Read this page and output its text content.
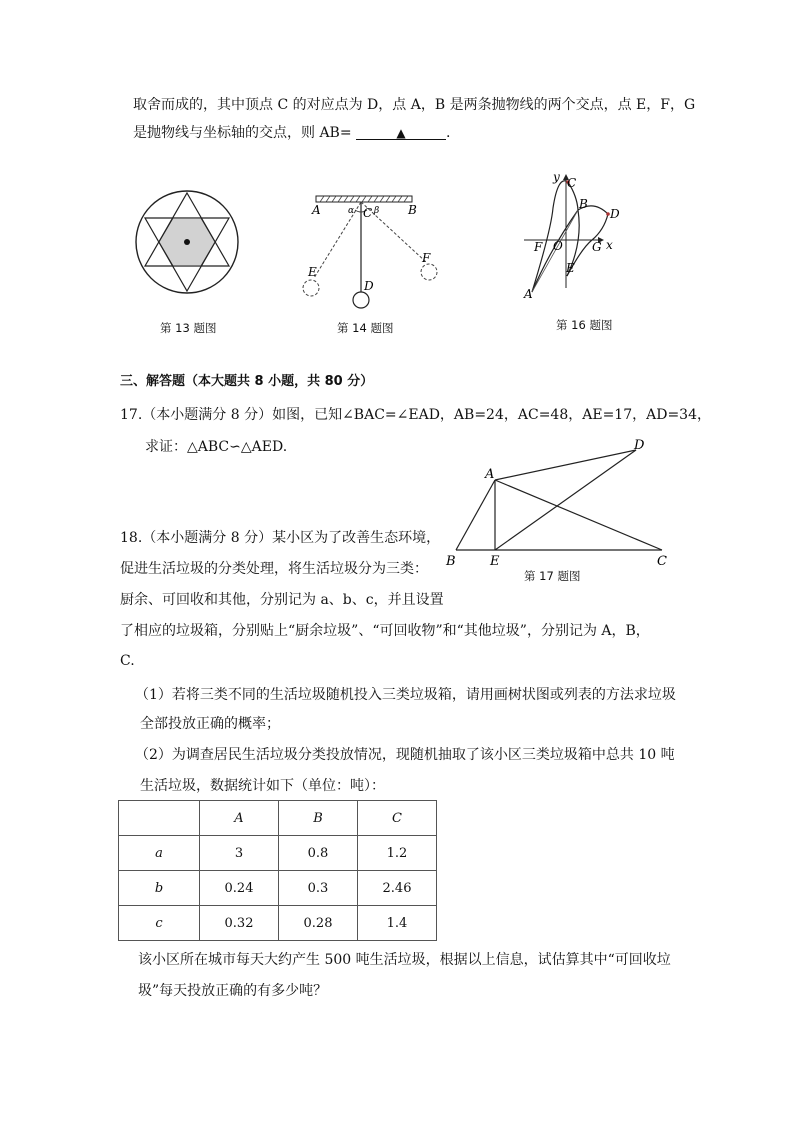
取舍而成的，其中顶点 C 的对应点为 D，点 A，B 是两条抛物线的两个交点，点 E，F，G
是抛物线与坐标轴的交点，则 AB=	▲	.
第 13 题图
A	B
C
D
E
F
α β
第 14 题图
y
x
C
B
D
F O G
E
A
第 16 题图
三、解答题（本大题共 8 小题，共 80 分）
17.（本小题满分 8 分）如图，已知∠BAC=∠EAD，AB=24，AC=48，AE=17，AD=34，
求证：△ABC∽△AED.
A
B	E	C
D
第 17 题图
18.（本小题满分 8 分）某小区为了改善生态环境，
促进生活垃圾的分类处理，将生活垃圾分为三类：
厨余、可回收和其他，分别记为 a、b、c，并且设置
了相应的垃圾箱，分别贴上“厨余垃圾”、“可回收物”和“其他垃圾”，分别记为 A，B，
C.
（1）若将三类不同的生活垃圾随机投入三类垃圾箱，请用画树状图或列表的方法求垃圾
全部投放正确的概率；
（2）为调查居民生活垃圾分类投放情况，现随机抽取了该小区三类垃圾箱中总共 10 吨
生活垃圾，数据统计如下（单位：吨）：
	A	B	C
a	3	0.8	1.2
b	0.24	0.3	2.46
c	0.32	0.28	1.4
该小区所在城市每天大约产生 500 吨生活垃圾，根据以上信息，试估算其中“可回收垃
圾”每天投放正确的有多少吨？
